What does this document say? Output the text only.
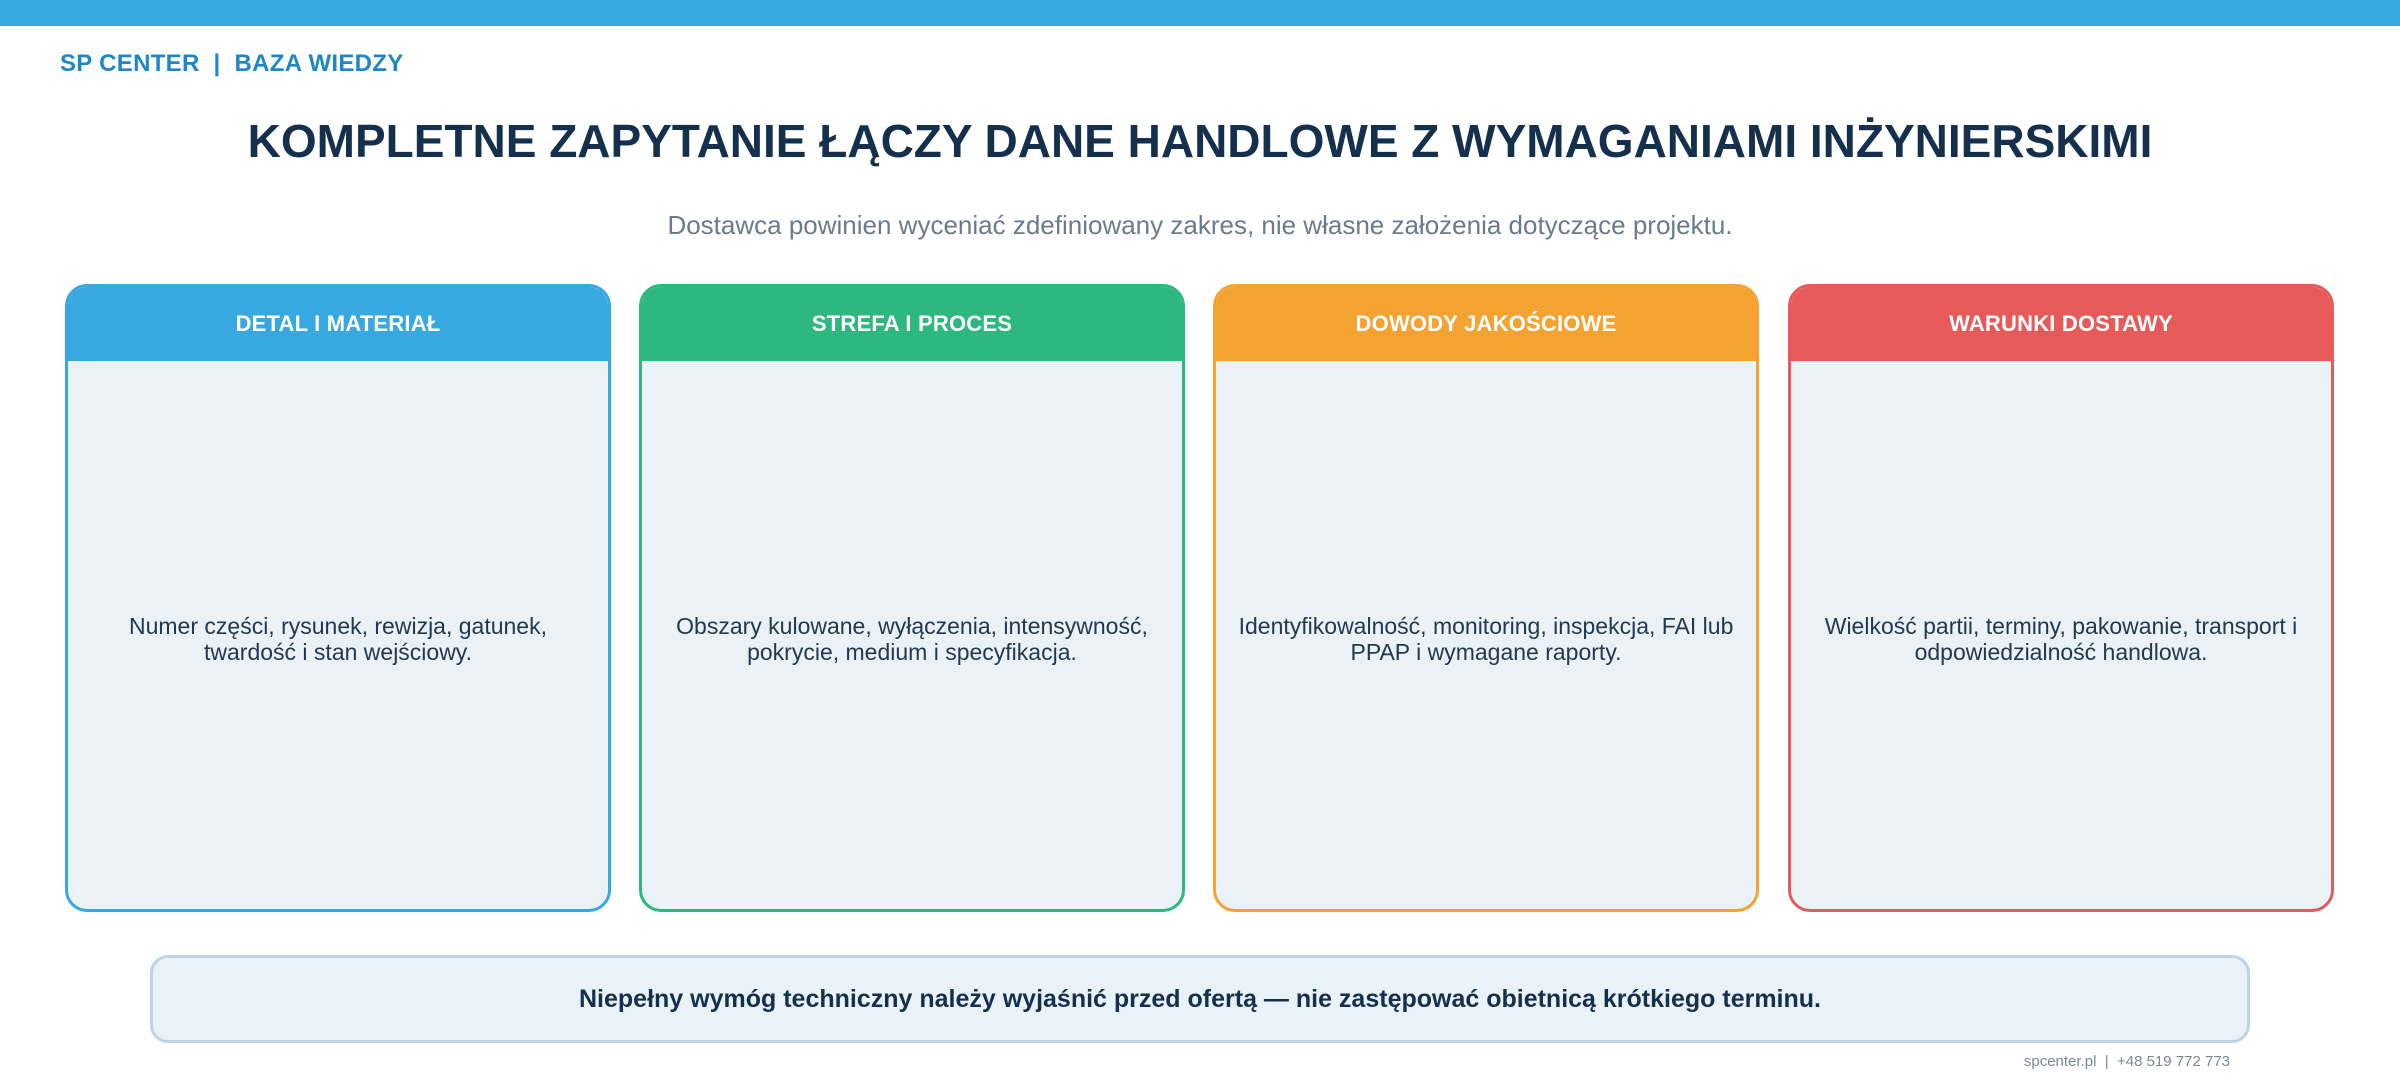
SP CENTER  |  BAZA WIEDZY
KOMPLETNE ZAPYTANIE ŁĄCZY DANE HANDLOWE Z WYMAGANIAMI INŻYNIERSKIMI
Dostawca powinien wyceniać zdefiniowany zakres, nie własne założenia dotyczące projektu.
DETAL I MATERIAŁ
Numer części, rysunek, rewizja, gatunek, twardość i stan wejściowy.
STREFA I PROCES
Obszary kulowane, wyłączenia, intensywność, pokrycie, medium i specyfikacja.
DOWODY JAKOŚCIOWE
Identyfikowalność, monitoring, inspekcja, FAI lub PPAP i wymagane raporty.
WARUNKI DOSTAWY
Wielkość partii, terminy, pakowanie, transport i odpowiedzialność handlowa.
Niepełny wymóg techniczny należy wyjaśnić przed ofertą — nie zastępować obietnicą krótkiego terminu.
spcenter.pl  |  +48 519 772 773
